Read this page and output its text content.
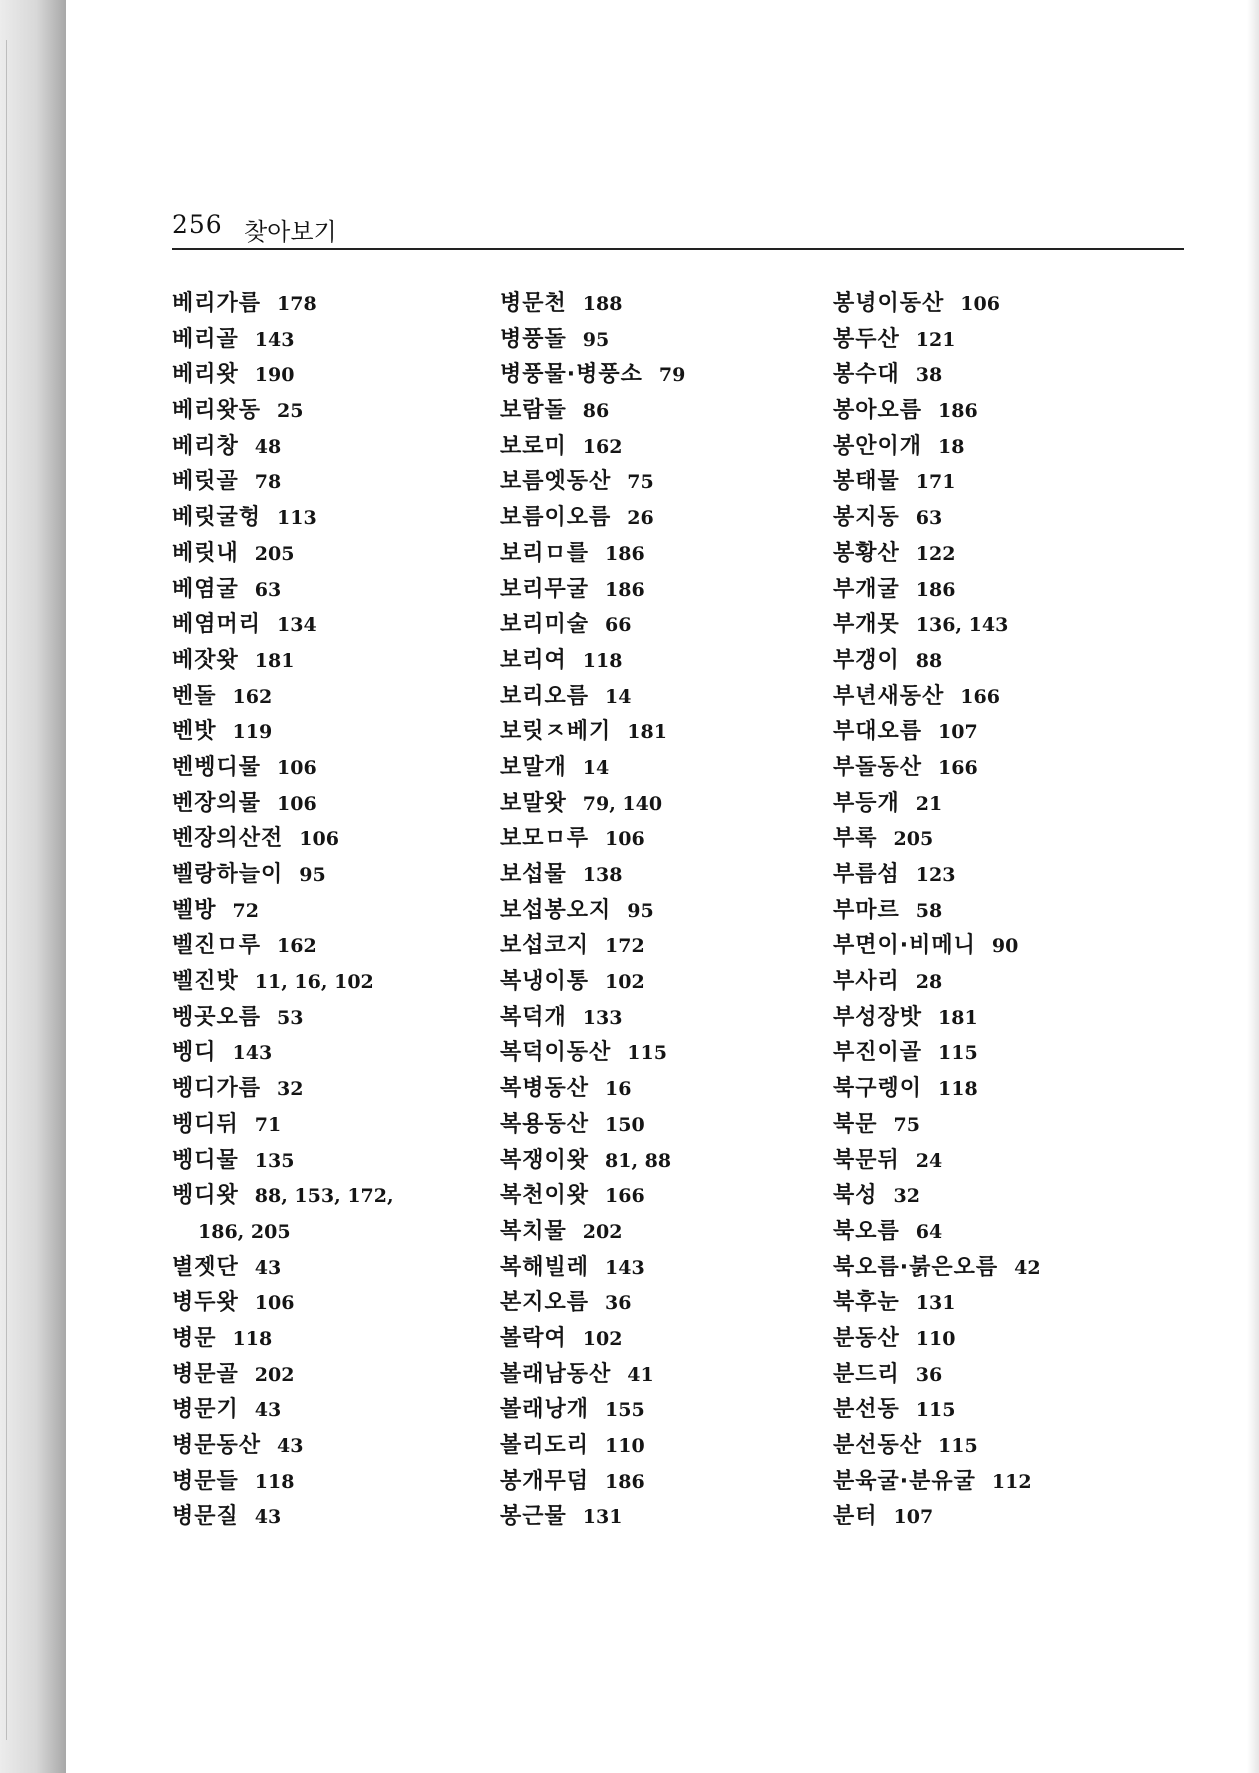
256 찾아보기
베리가름 178
베리골 143
베리왓 190
베리왓동 25
베리창 48
베릿골 78
베릿굴헝 113
베릿내 205
베염굴 63
베염머리 134
베잣왓 181
벤돌 162
벤밧 119
벤벵디물 106
벤장의물 106
벤장의산전 106
벨랑하늘이 95
벨방 72
벨진ㅁ루 162
벨진밧 11, 16, 102
벵곳오름 53
벵디 143
벵디가름 32
벵디뒤 71
벵디물 135
벵디왓 88, 153, 172,
186, 205
별젯단 43
병두왓 106
병문 118
병문골 202
병문기 43
병문동산 43
병문들 118
병문질 43
병문천 188
병풍돌 95
병풍물·병풍소 79
보람돌 86
보로미 162
보름엣동산 75
보름이오름 26
보리ㅁ를 186
보리무굴 186
보리미술 66
보리여 118
보리오름 14
보릿ㅈ베기 181
보말개 14
보말왓 79, 140
보모ㅁ루 106
보섭물 138
보섭봉오지 95
보섭코지 172
복냉이통 102
복덕개 133
복덕이동산 115
복병동산 16
복용동산 150
복쟁이왓 81, 88
복천이왓 166
복치물 202
복해빌레 143
본지오름 36
볼락여 102
볼래남동산 41
볼래낭개 155
볼리도리 110
봉개무덤 186
봉근물 131
봉녕이동산 106
봉두산 121
봉수대 38
봉아오름 186
봉안이개 18
봉태물 171
봉지동 63
봉황산 122
부개굴 186
부개못 136, 143
부갱이 88
부년새동산 166
부대오름 107
부돌동산 166
부등개 21
부록 205
부름섬 123
부마르 58
부면이·비메니 90
부사리 28
부성장밧 181
부진이골 115
북구렝이 118
북문 75
북문뒤 24
북성 32
북오름 64
북오름·붉은오름 42
북후눈 131
분동산 110
분드리 36
분선동 115
분선동산 115
분육굴·분유굴 112
분터 107
